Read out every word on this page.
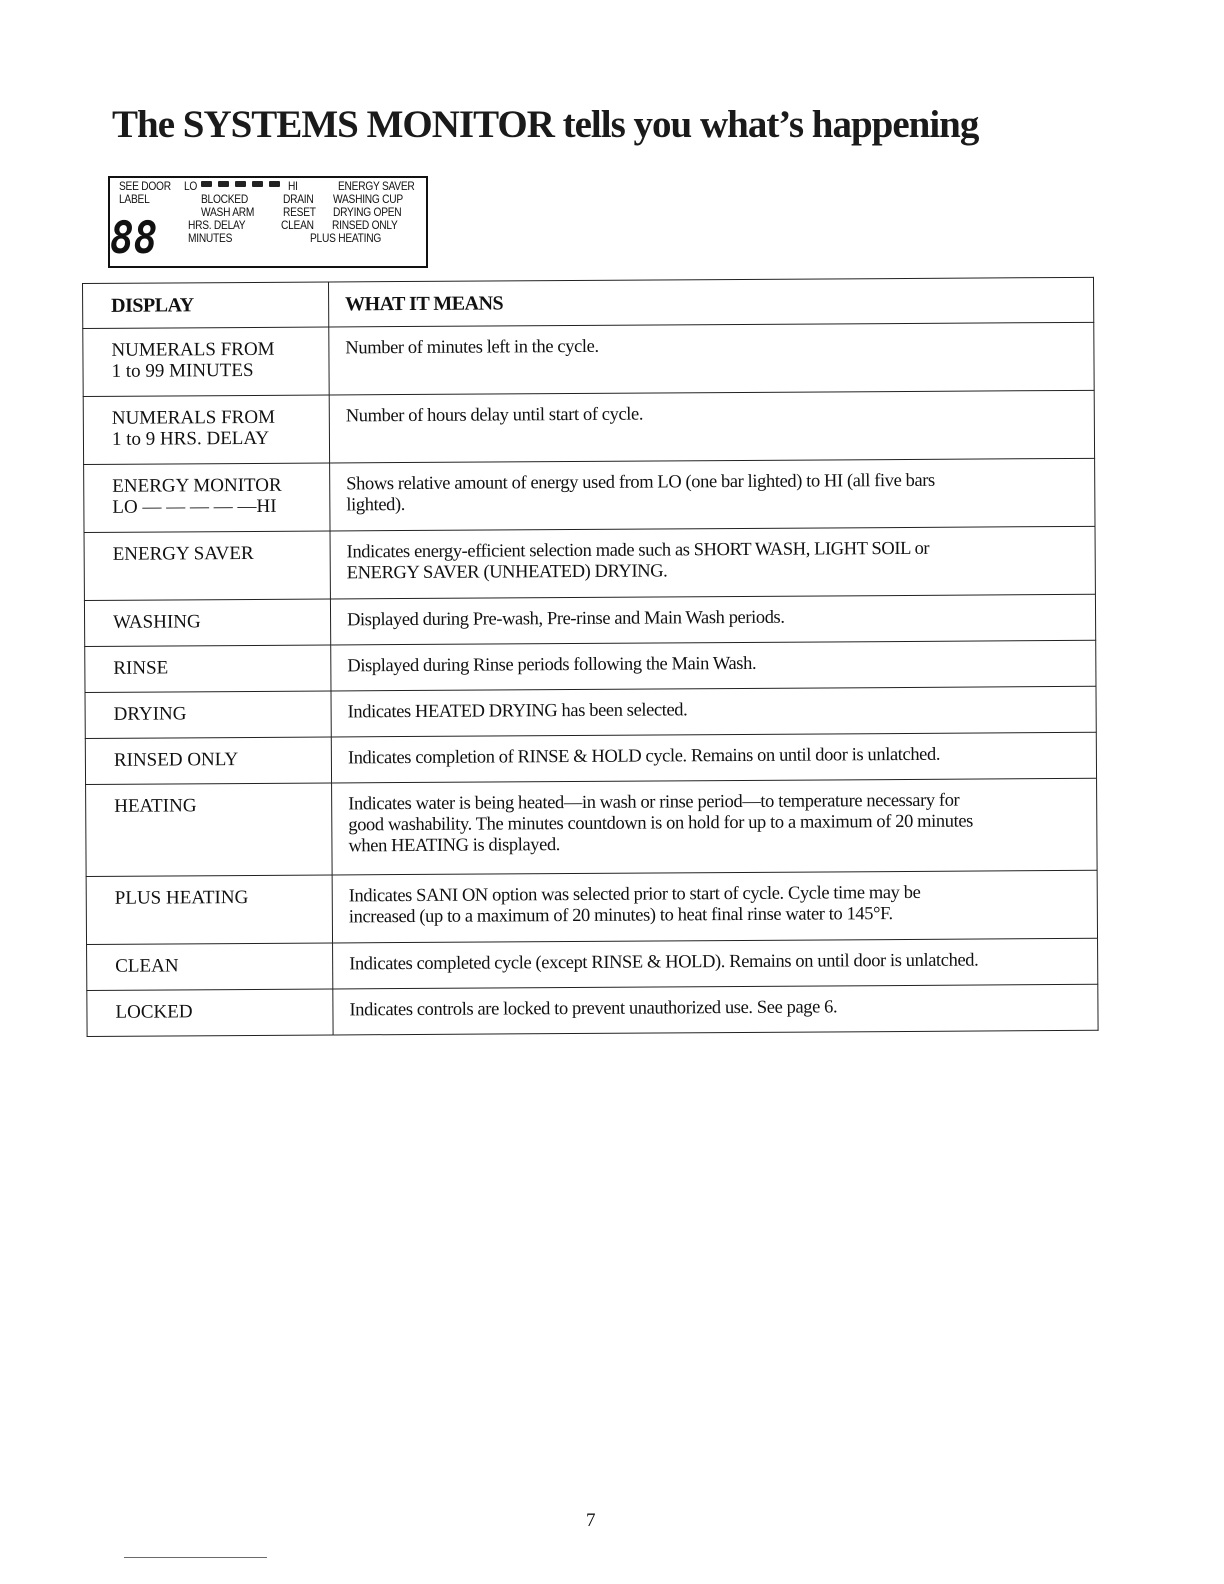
The SYSTEMS MONITOR tells you what’s happening
SEE DOOR LO	HI	ENERGY SAVER
LABEL	BLOCKED	DRAIN WASHING CUP
WASH ARM RESET DRYING OPEN
HRS. DELAY	CLEAN RINSED ONLY
MINUTES	PLUS HEATING
88
DISPLAY	WHAT IT MEANS

NUMERALS FROM
1 to 99 MINUTES	Number of minutes left in the cycle.

NUMERALS FROM
1 to 9 HRS. DELAY	Number of hours delay until start of cycle.

ENERGY MONITOR
LO — — — — —HI	Shows relative amount of energy used from LO (one bar lighted) to HI (all five bars
lighted).

ENERGY SAVER	Indicates energy-efficient selection made such as SHORT WASH, LIGHT SOIL or
ENERGY SAVER (UNHEATED) DRYING.

WASHING	Displayed during Pre-wash, Pre-rinse and Main Wash periods.

RINSE	Displayed during Rinse periods following the Main Wash.

DRYING	Indicates HEATED DRYING has been selected.

RINSED ONLY	Indicates completion of RINSE & HOLD cycle. Remains on until door is unlatched.

HEATING	Indicates water is being heated—in wash or rinse period—to temperature necessary for
good washability. The minutes countdown is on hold for up to a maximum of 20 minutes
when HEATING is displayed.

PLUS HEATING	Indicates SANI ON option was selected prior to start of cycle. Cycle time may be
increased (up to a maximum of 20 minutes) to heat final rinse water to 145°F.

CLEAN	Indicates completed cycle (except RINSE & HOLD). Remains on until door is unlatched.

LOCKED	Indicates controls are locked to prevent unauthorized use. See page 6.
7
